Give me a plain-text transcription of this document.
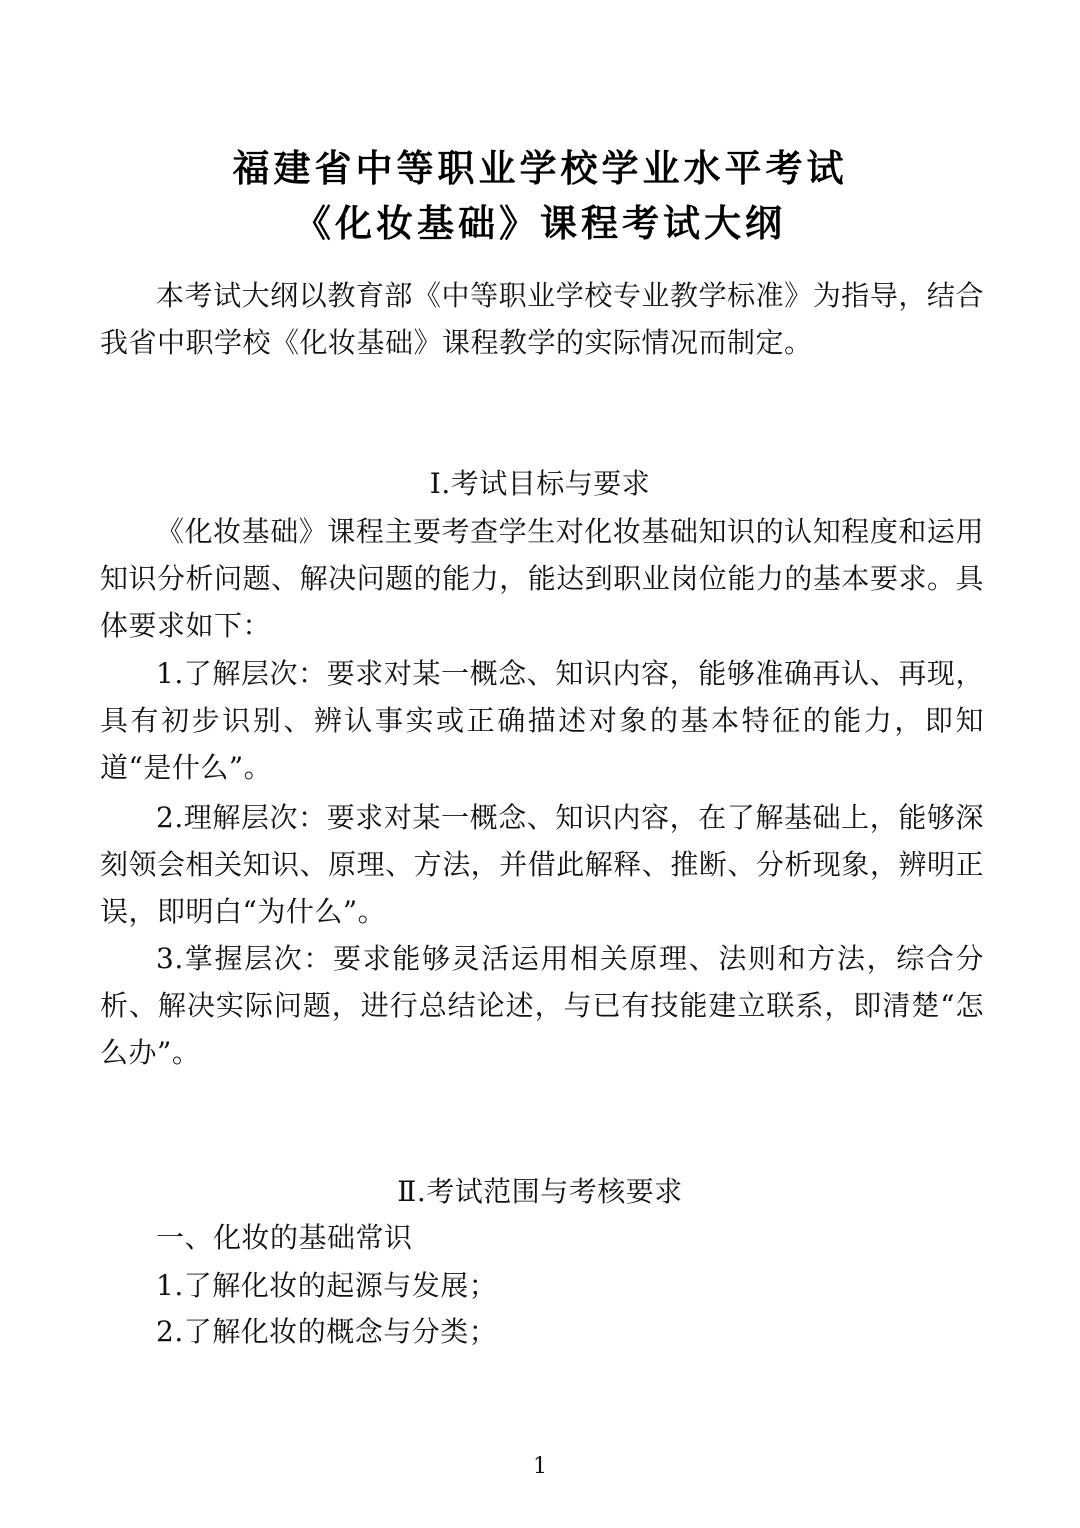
福建省中等职业学校学业水平考试
《化妆基础》课程考试大纲

本考试大纲以教育部《中等职业学校专业教学标准》为指导，结合我省中职学校《化妆基础》课程教学的实际情况而制定。

Ⅰ.考试目标与要求

《化妆基础》课程主要考查学生对化妆基础知识的认知程度和运用知识分析问题、解决问题的能力，能达到职业岗位能力的基本要求。具体要求如下：

1.了解层次：要求对某一概念、知识内容，能够准确再认、再现，具有初步识别、辨认事实或正确描述对象的基本特征的能力，即知道“是什么”。

2.理解层次：要求对某一概念、知识内容，在了解基础上，能够深刻领会相关知识、原理、方法，并借此解释、推断、分析现象，辨明正误，即明白“为什么”。

3.掌握层次：要求能够灵活运用相关原理、法则和方法，综合分析、解决实际问题，进行总结论述，与已有技能建立联系，即清楚“怎么办”。

Ⅱ.考试范围与考核要求
一、化妆的基础常识
1.了解化妆的起源与发展；
2.了解化妆的概念与分类；
1
